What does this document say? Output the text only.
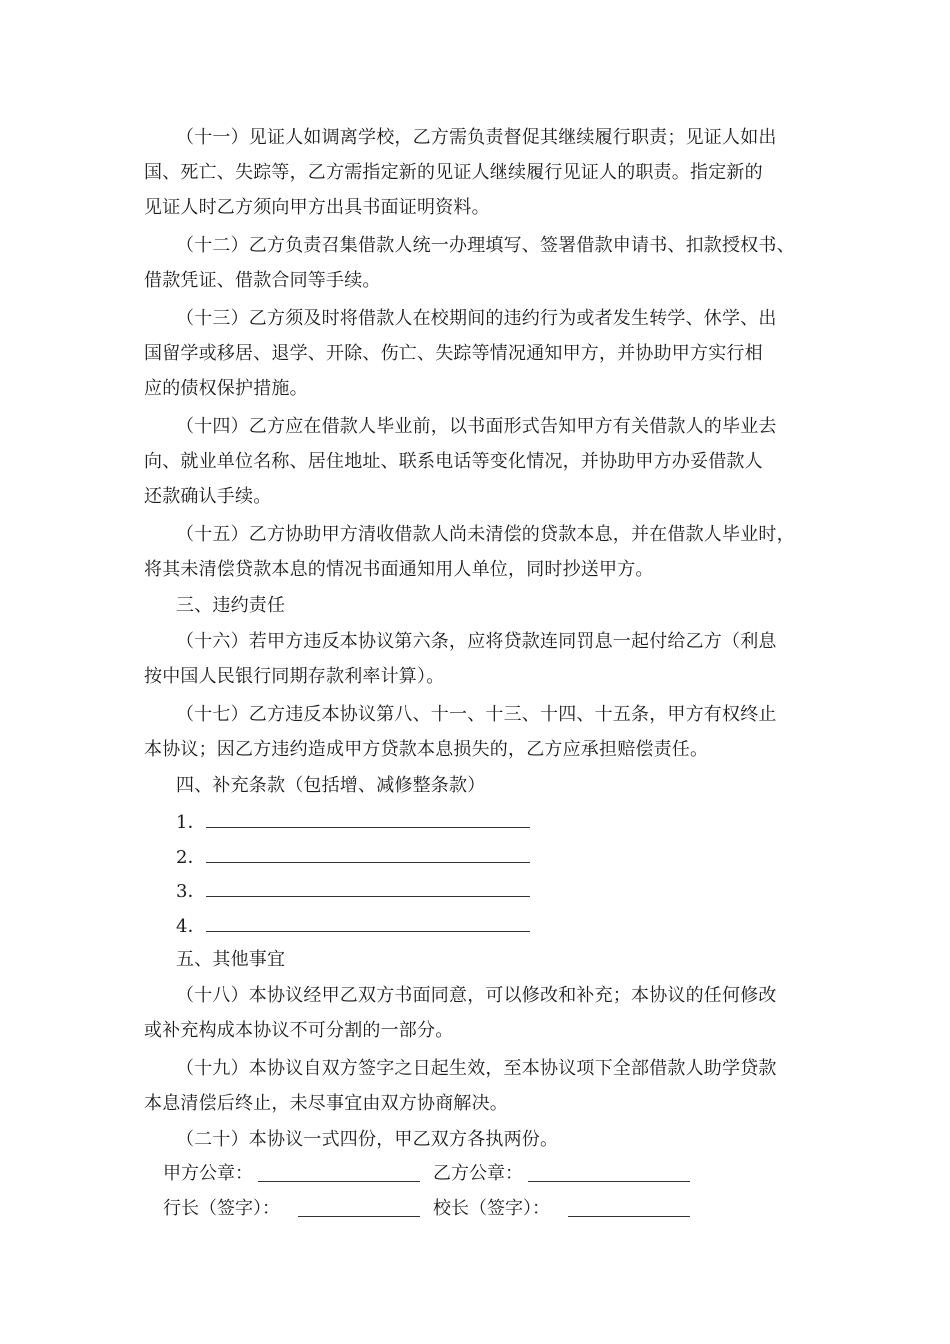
（十一）见证人如调离学校，乙方需负责督促其继续履行职责；见证人如出
国、死亡、失踪等，乙方需指定新的见证人继续履行见证人的职责。指定新的
见证人时乙方须向甲方出具书面证明资料。
（十二）乙方负责召集借款人统一办理填写、签署借款申请书、扣款授权书、
借款凭证、借款合同等手续。
（十三）乙方须及时将借款人在校期间的违约行为或者发生转学、休学、出
国留学或移居、退学、开除、伤亡、失踪等情况通知甲方，并协助甲方实行相
应的债权保护措施。
（十四）乙方应在借款人毕业前，以书面形式告知甲方有关借款人的毕业去
向、就业单位名称、居住地址、联系电话等变化情况，并协助甲方办妥借款人
还款确认手续。
（十五）乙方协助甲方清收借款人尚未清偿的贷款本息，并在借款人毕业时，
将其未清偿贷款本息的情况书面通知用人单位，同时抄送甲方。
三、违约责任
（十六）若甲方违反本协议第六条，应将贷款连同罚息一起付给乙方（利息
按中国人民银行同期存款利率计算）。
（十七）乙方违反本协议第八、十一、十三、十四、十五条，甲方有权终止
本协议；因乙方违约造成甲方贷款本息损失的，乙方应承担赔偿责任。
四、补充条款（包括增、减修整条款）
1．
2．
3．
4．
五、其他事宜
（十八）本协议经甲乙双方书面同意，可以修改和补充；本协议的任何修改
或补充构成本协议不可分割的一部分。
（十九）本协议自双方签字之日起生效，至本协议项下全部借款人助学贷款
本息清偿后终止，未尽事宜由双方协商解决。
（二十）本协议一式四份，甲乙双方各执两份。
甲方公章：	乙方公章：
行长（签字）：	校长（签字）：
